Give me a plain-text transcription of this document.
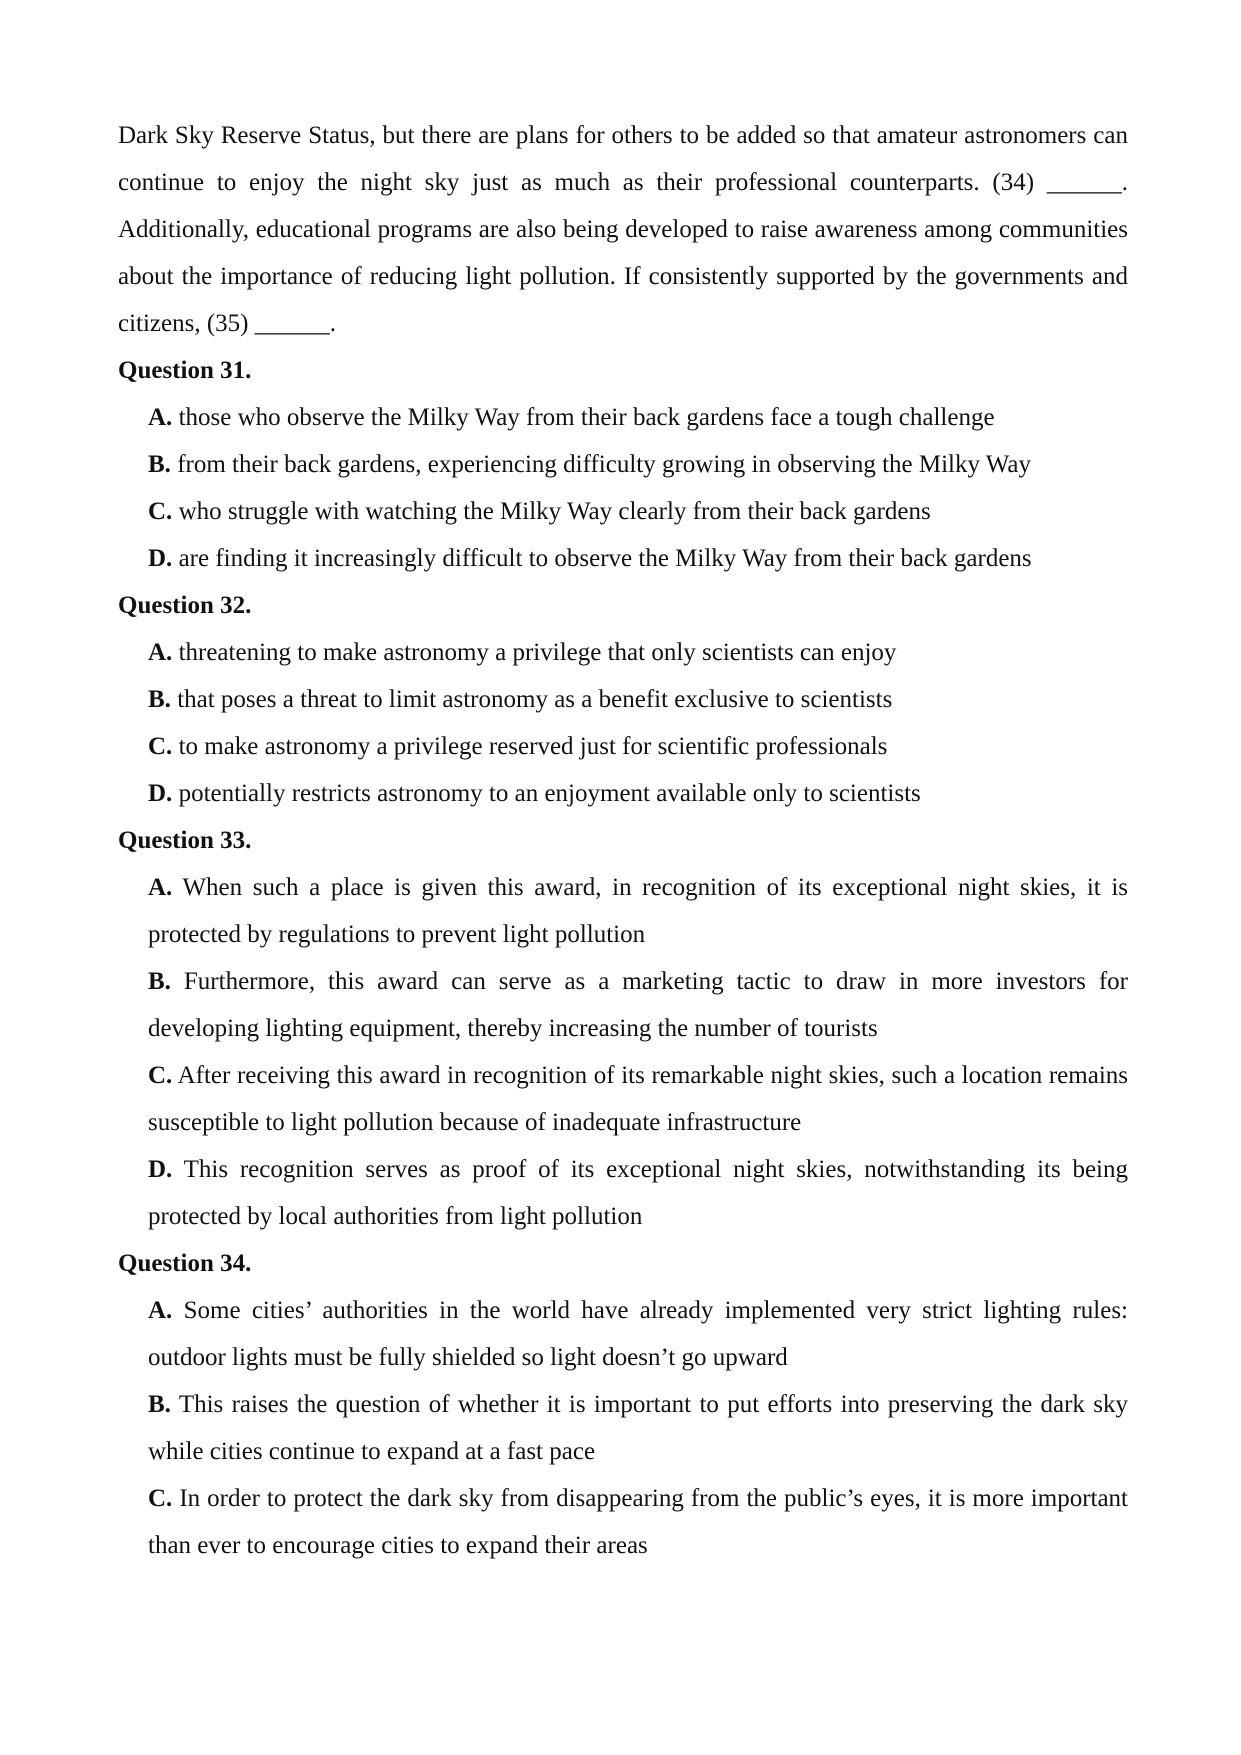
Dark Sky Reserve Status, but there are plans for others to be added so that amateur astronomers can continue to enjoy the night sky just as much as their professional counterparts. (34) ______. Additionally, educational programs are also being developed to raise awareness among communities about the importance of reducing light pollution. If consistently supported by the governments and citizens, (35) ______.

Question 31.

A. those who observe the Milky Way from their back gardens face a tough challenge

B. from their back gardens, experiencing difficulty growing in observing the Milky Way

C. who struggle with watching the Milky Way clearly from their back gardens

D. are finding it increasingly difficult to observe the Milky Way from their back gardens

Question 32.

A. threatening to make astronomy a privilege that only scientists can enjoy

B. that poses a threat to limit astronomy as a benefit exclusive to scientists

C. to make astronomy a privilege reserved just for scientific professionals

D. potentially restricts astronomy to an enjoyment available only to scientists

Question 33.

A. When such a place is given this award, in recognition of its exceptional night skies, it is protected by regulations to prevent light pollution

B. Furthermore, this award can serve as a marketing tactic to draw in more investors for developing lighting equipment, thereby increasing the number of tourists

C. After receiving this award in recognition of its remarkable night skies, such a location remains susceptible to light pollution because of inadequate infrastructure

D. This recognition serves as proof of its exceptional night skies, notwithstanding its being protected by local authorities from light pollution

Question 34.

A. Some cities’ authorities in the world have already implemented very strict lighting rules: outdoor lights must be fully shielded so light doesn’t go upward

B. This raises the question of whether it is important to put efforts into preserving the dark sky while cities continue to expand at a fast pace

C. In order to protect the dark sky from disappearing from the public’s eyes, it is more important than ever to encourage cities to expand their areas
